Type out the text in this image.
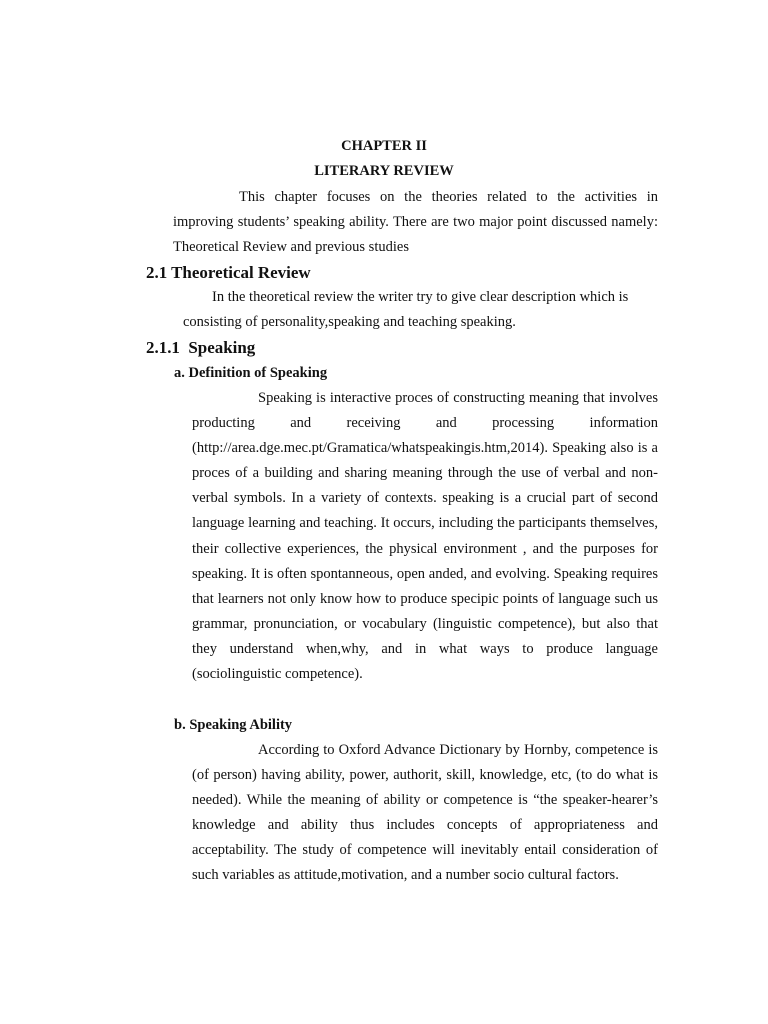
CHAPTER II
LITERARY REVIEW

This chapter focuses on the theories related to the activities in improving students’ speaking ability. There are two major point discussed namely: Theoretical Review and previous studies

2.1 Theoretical Review

In the theoretical review the writer try to give clear description which is

consisting of personality,speaking and teaching speaking.

2.1.1  Speaking
a. Definition of Speaking

Speaking is interactive proces of constructing meaning that involves producting and receiving and processing information (http://area.dge.mec.pt/Gramatica/whatspeakingis.htm,2014). Speaking also is a proces of a building and sharing meaning through the use of verbal and non-verbal symbols. In a variety of contexts. speaking is a crucial part of second language learning and teaching. It occurs, including the participants themselves, their collective experiences, the physical environment , and the purposes for speaking. It is often spontanneous, open anded, and evolving. Speaking requires that learners not only know how to produce specipic points of language such us grammar, pronunciation, or vocabulary (linguistic competence), but also that they understand when,why, and in what ways to produce language (sociolinguistic competence).

b. Speaking Ability

According to Oxford Advance Dictionary by Hornby, competence is (of person) having ability, power, authorit, skill, knowledge, etc, (to do what is needed). While the meaning of ability or competence is “the speaker-hearer’s knowledge and ability thus includes concepts of appropriateness and acceptability. The study of competence will inevitably entail consideration of such variables as attitude,motivation, and a number socio cultural factors.
